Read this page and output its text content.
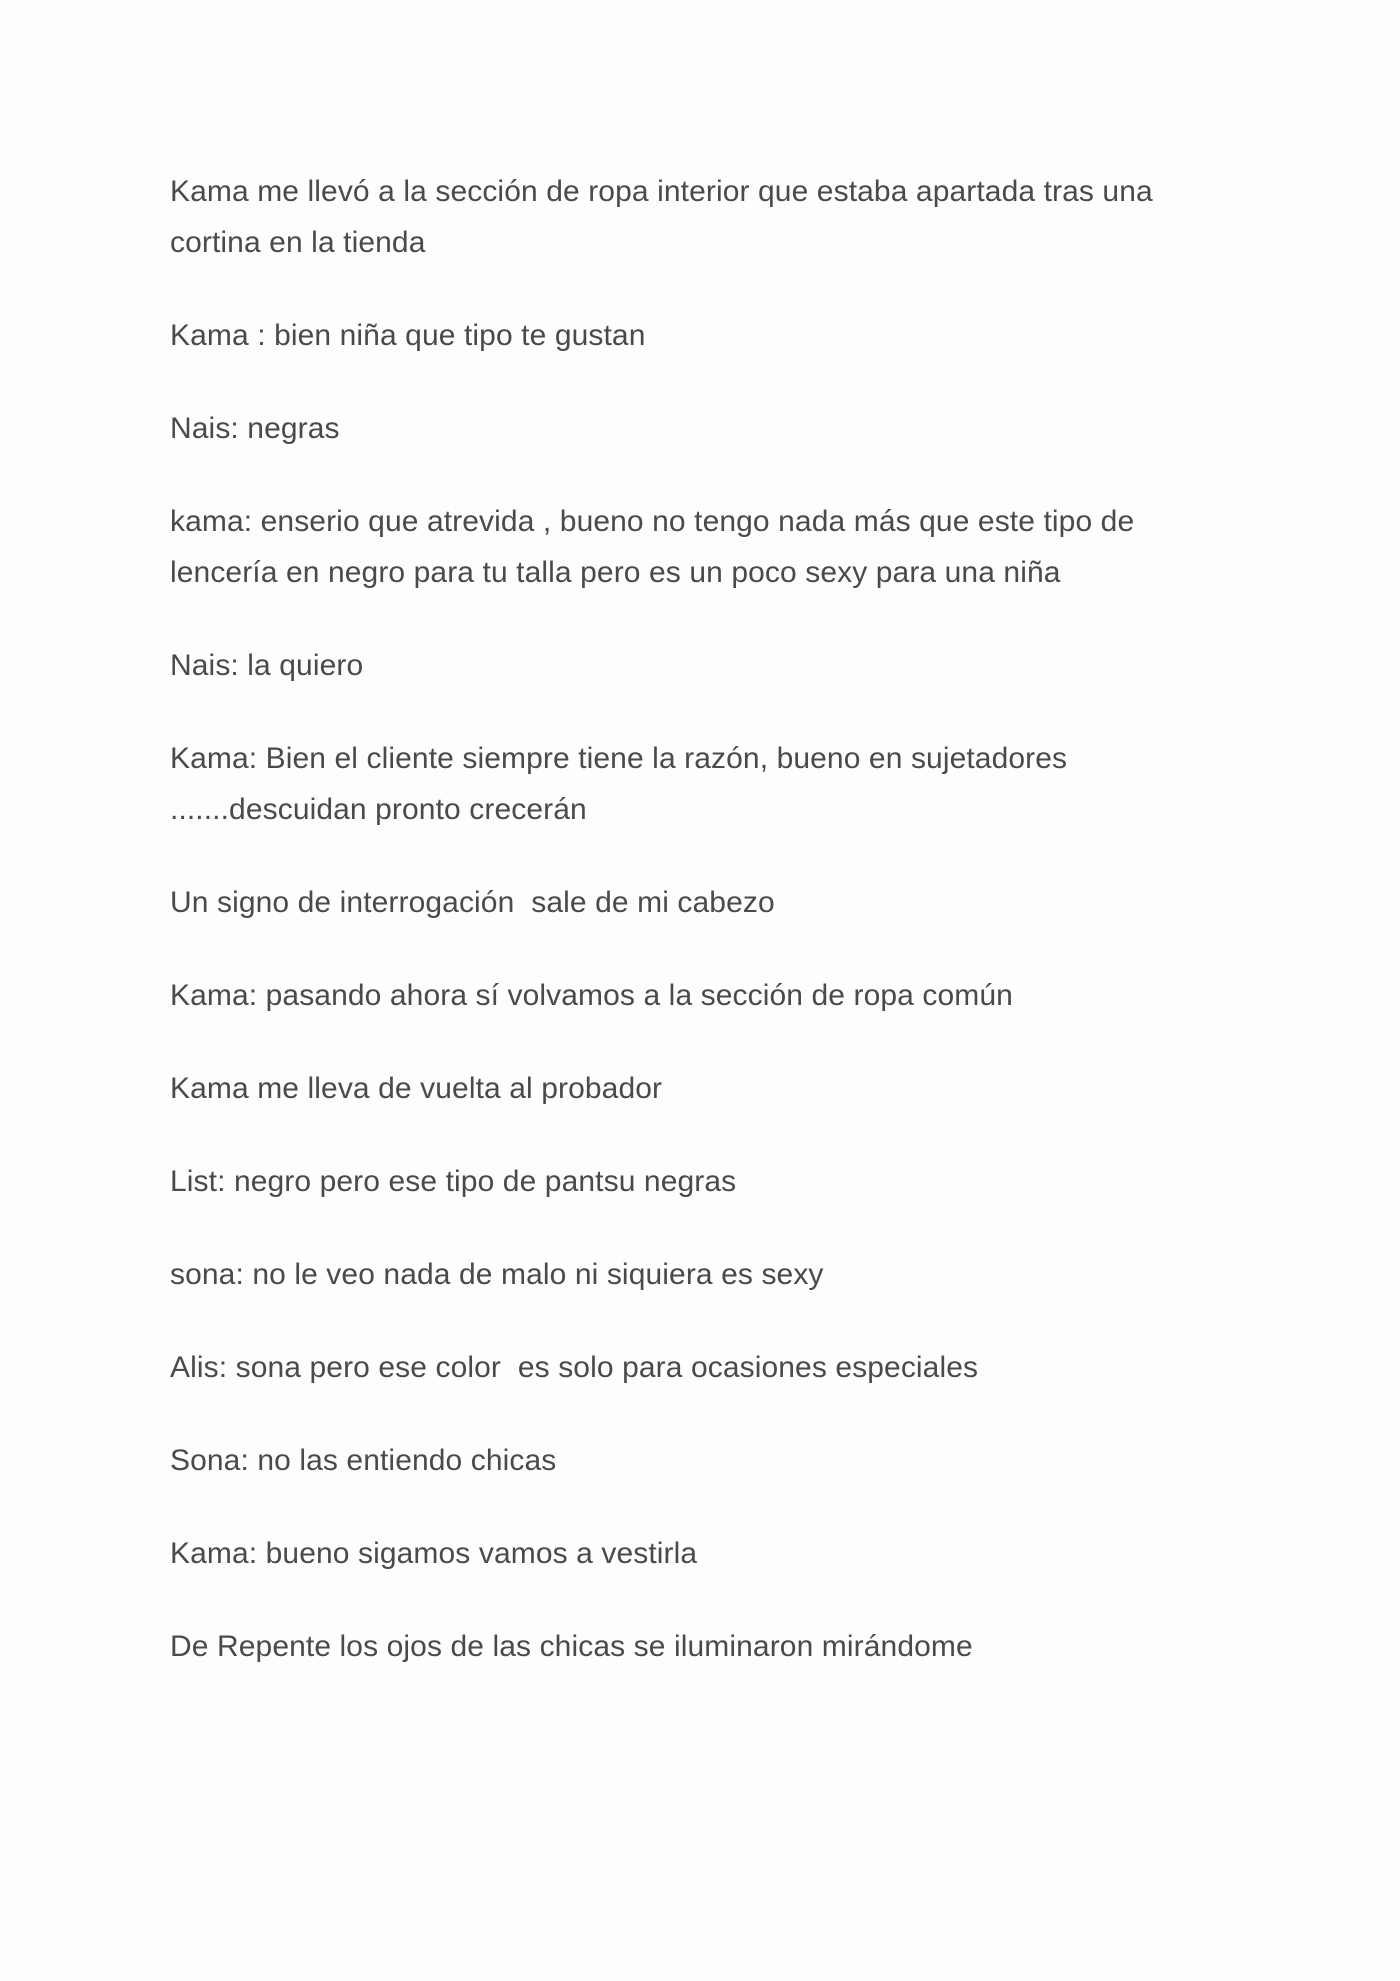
Kama me llevó a la sección de ropa interior que estaba apartada tras una cortina en la tienda

Kama : bien niña que tipo te gustan

Nais: negras

kama: enserio que atrevida , bueno no tengo nada más que este tipo de lencería en negro para tu talla pero es un poco sexy para una niña

Nais: la quiero

Kama: Bien el cliente siempre tiene la razón, bueno en sujetadores .......descuidan pronto crecerán

Un signo de interrogación  sale de mi cabezo

Kama: pasando ahora sí volvamos a la sección de ropa común

Kama me lleva de vuelta al probador

List: negro pero ese tipo de pantsu negras

sona: no le veo nada de malo ni siquiera es sexy

Alis: sona pero ese color  es solo para ocasiones especiales

Sona: no las entiendo chicas

Kama: bueno sigamos vamos a vestirla

De Repente los ojos de las chicas se iluminaron mirándome
